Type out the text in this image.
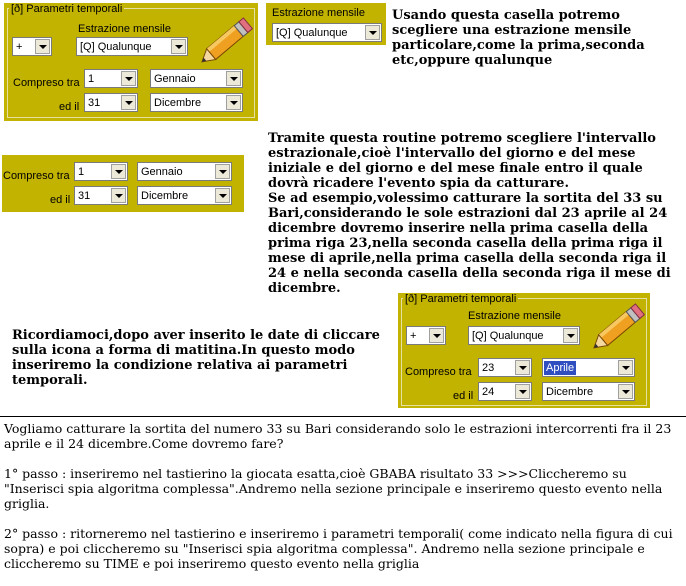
[ð] Parametri temporali
Estrazione mensile
+	[Q] Qualunque
Compreso tra 1	Gennaio
ed il 31	Dicembre
Estrazione mensile
[Q] Qualunque
Usando questa casella potremo scegliere una estrazione mensile particolare,come la prima,seconda etc,oppure qualunque
Compreso tra 1	Gennaio
ed il 31	Dicembre
Tramite questa routine potremo scegliere l'intervallo estrazionale,cioè l'intervallo del giorno e del mese iniziale e del giorno e del mese finale entro il quale dovrà ricadere l'evento spia da catturare.
Se ad esempio,volessimo catturare la sortita del 33 su Bari,considerando le sole estrazioni dal 23 aprile al 24 dicembre dovremo inserire nella prima casella della prima riga 23,nella seconda casella della prima riga il mese di aprile,nella prima casella della seconda riga il 24 e nella seconda casella della seconda riga il mese di dicembre.
[ð] Parametri temporali
Estrazione mensile
+	[Q] Qualunque
Compreso tra 23	Aprile
ed il 24	Dicembre
Ricordiamoci,dopo aver inserito le date di cliccare sulla icona a forma di matitina.In questo modo inseriremo la condizione relativa ai parametri temporali.

Vogliamo catturare la sortita del numero 33 su Bari considerando solo le estrazioni intercorrenti fra il 23 aprile e il 24 dicembre.Come dovremo fare?

1° passo : inseriremo nel tastierino la giocata esatta,cioè GBABA risultato 33 >>>Cliccheremo su "Inserisci spia algoritma complessa".Andremo nella sezione principale e inseriremo questo evento nella griglia.

2° passo : ritorneremo nel tastierino e inseriremo i parametri temporali( come indicato nella figura di cui sopra) e poi cliccheremo su "Inserisci spia algoritma complessa". Andremo nella sezione principale e cliccheremo su TIME e poi inseriremo questo evento nella griglia
